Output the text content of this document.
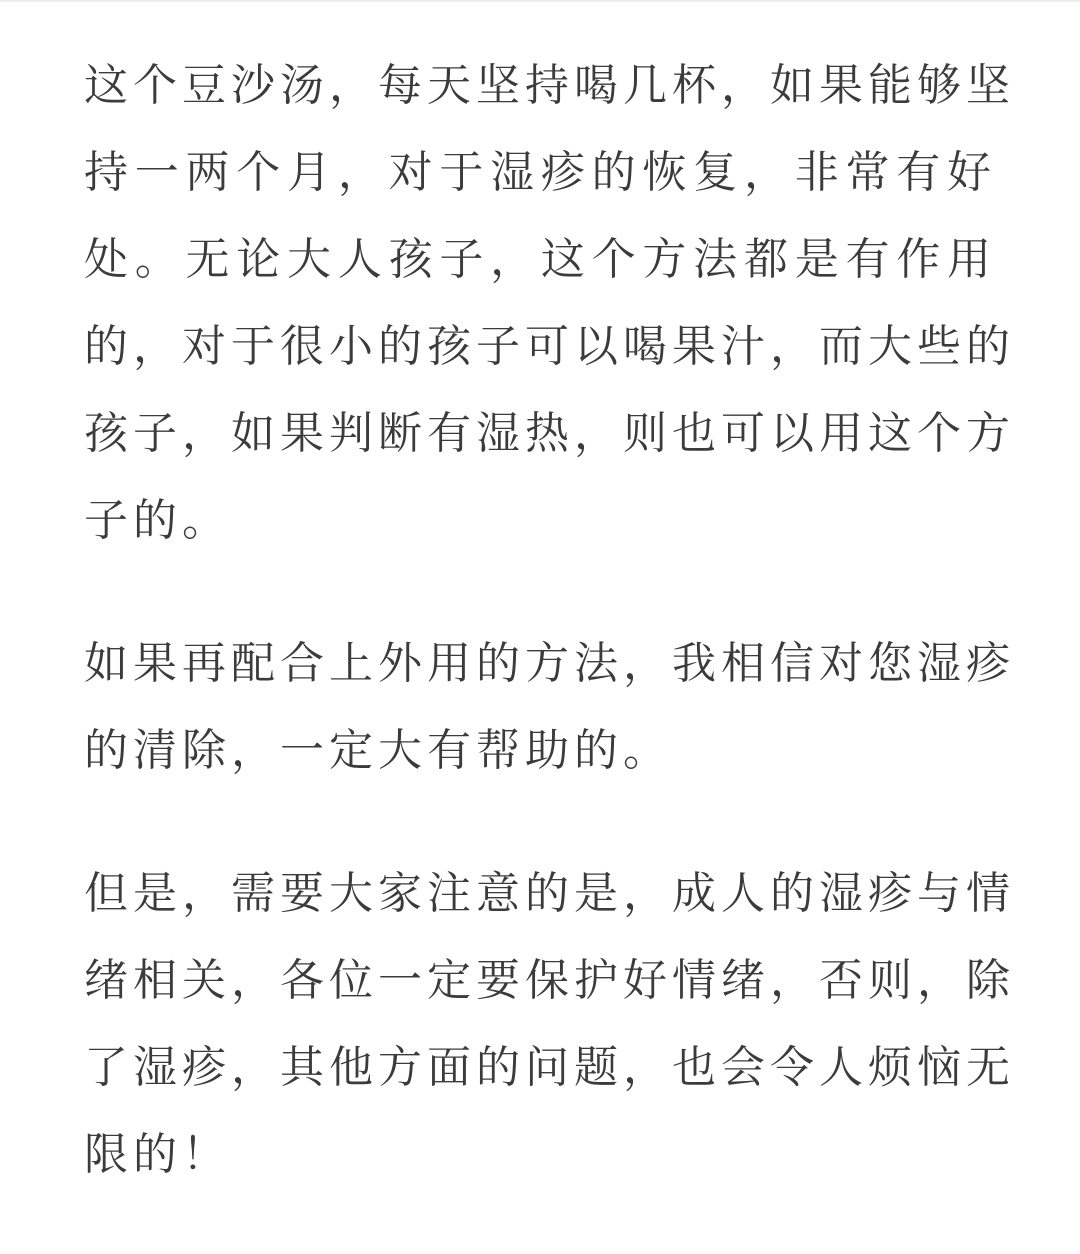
这个豆沙汤，每天坚持喝几杯，如果能够坚
持一两个月，对于湿疹的恢复，非常有好
处。无论大人孩子，这个方法都是有作用
的，对于很小的孩子可以喝果汁，而大些的
孩子，如果判断有湿热，则也可以用这个方
子的。
如果再配合上外用的方法，我相信对您湿疹
的清除，一定大有帮助的。
但是，需要大家注意的是，成人的湿疹与情
绪相关，各位一定要保护好情绪，否则，除
了湿疹，其他方面的问题，也会令人烦恼无
限的！
